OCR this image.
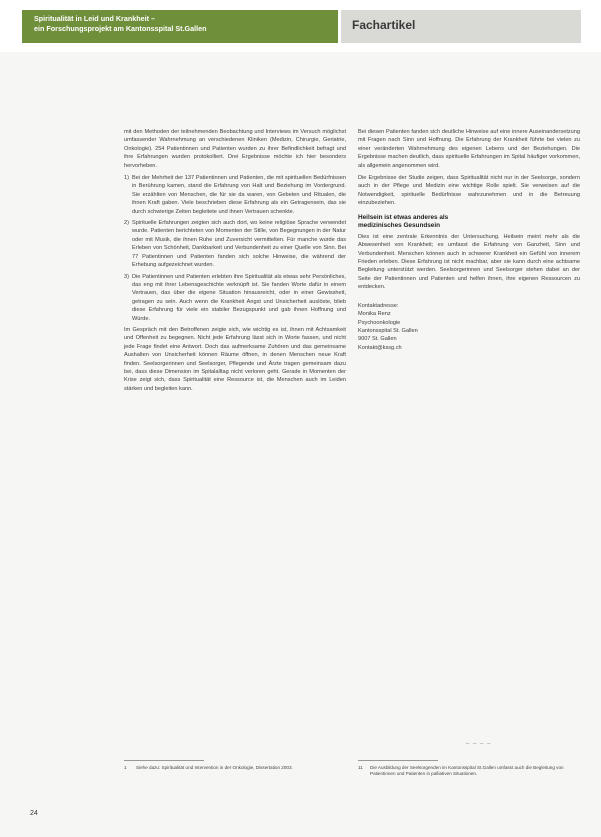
Spiritualität in Leid und Krankheit –
ein Forschungsprojekt am Kantonsspital St.Gallen	Fachartikel

mit den Methoden der teilnehmenden Beobachtung und Interviews im Versuch möglichst umfassender Wahrnehmung an verschiedenen Kliniken (Medizin, Chirurgie, Geriatrie, Onkologie). 254 Patientinnen und Patienten wurden zu ihrer Befindlichkeit befragt und ihre Erfahrungen wurden protokolliert. Drei Ergebnisse möchte ich hier besonders hervorheben.

1) Bei der Mehrheit der 137 Patientinnen und Patienten, die mit spirituellen Bedürfnissen in Berührung kamen, stand die Erfahrung von Halt und Beziehung im Vordergrund. Sie erzählten von Menschen, die für sie da waren, von Gebeten und Ritualen, die ihnen Kraft gaben. Viele beschrieben diese Erfahrung als ein Getragensein, das sie durch schwierige Zeiten begleitete und ihnen Vertrauen schenkte.
2) Spirituelle Erfahrungen zeigten sich auch dort, wo keine religiöse Sprache verwendet wurde. Patienten berichteten von Momenten der Stille, von Begegnungen in der Natur oder mit Musik, die ihnen Ruhe und Zuversicht vermittelten. Für manche wurde das Erleben von Schönheit, Dankbarkeit und Verbundenheit zu einer Quelle von Sinn. Bei 77 Patientinnen und Patienten fanden sich solche Hinweise, die während der Erhebung aufgezeichnet wurden.
3) Die Patientinnen und Patienten erlebten ihre Spiritualität als etwas sehr Persönliches, das eng mit ihrer Lebensgeschichte verknüpft ist. Sie fanden Worte dafür in einem Vertrauen, das über die eigene Situation hinausreicht, oder in einer Gewissheit, getragen zu sein. Auch wenn die Krankheit Angst und Unsicherheit auslöste, blieb diese Erfahrung für viele ein stabiler Bezugspunkt und gab ihnen Hoffnung und Würde.

Im Gespräch mit den Betroffenen zeigte sich, wie wichtig es ist, ihnen mit Achtsamkeit und Offenheit zu begegnen. Nicht jede Erfahrung lässt sich in Worte fassen, und nicht jede Frage findet eine Antwort. Doch das aufmerksame Zuhören und das gemeinsame Aushalten von Unsicherheit können Räume öffnen, in denen Menschen neue Kraft finden. Seelsorgerinnen und Seelsorger, Pflegende und Ärzte tragen gemeinsam dazu bei, dass diese Dimension im Spitalalltag nicht verloren geht. Gerade in Momenten der Krise zeigt sich, dass Spiritualität eine Ressource ist, die Menschen auch im Leiden stärken und begleiten kann.

Bei diesen Patienten fanden sich deutliche Hinweise auf eine innere Auseinandersetzung mit Fragen nach Sinn und Hoffnung. Die Erfahrung der Krankheit führte bei vielen zu einer veränderten Wahrnehmung des eigenen Lebens und der Beziehungen. Die Ergebnisse machen deutlich, dass spirituelle Erfahrungen im Spital häufiger vorkommen, als allgemein angenommen wird.

Die Ergebnisse der Studie zeigen, dass Spiritualität nicht nur in der Seelsorge, sondern auch in der Pflege und Medizin eine wichtige Rolle spielt. Sie verweisen auf die Notwendigkeit, spirituelle Bedürfnisse wahrzunehmen und in die Betreuung einzubeziehen.

Heilsein ist etwas anderes als
medizinisches Gesundsein

Dies ist eine zentrale Erkenntnis der Untersuchung. Heilsein meint mehr als die Abwesenheit von Krankheit; es umfasst die Erfahrung von Ganzheit, Sinn und Verbundenheit. Menschen können auch in schwerer Krankheit ein Gefühl von innerem Frieden erleben. Diese Erfahrung ist nicht machbar, aber sie kann durch eine achtsame Begleitung unterstützt werden. Seelsorgerinnen und Seelsorger stehen dabei an der Seite der Patientinnen und Patienten und helfen ihnen, ihre eigenen Ressourcen zu entdecken.

Kontaktadresse:
Monika Renz
Psychoonkologie
Kantonsspital St. Gallen
9007 St. Gallen
Kontakt@kssg.ch
_ _ _ _
1	Siehe dazu: Spiritualität und Intervention in der Onkologie, Dissertation 2003.	11	Die Ausbildung der Seelsorgenden im Kantonsspital St.Gallen umfasst auch die Begleitung von Patientinnen und Patienten in palliativen Situationen.
24
